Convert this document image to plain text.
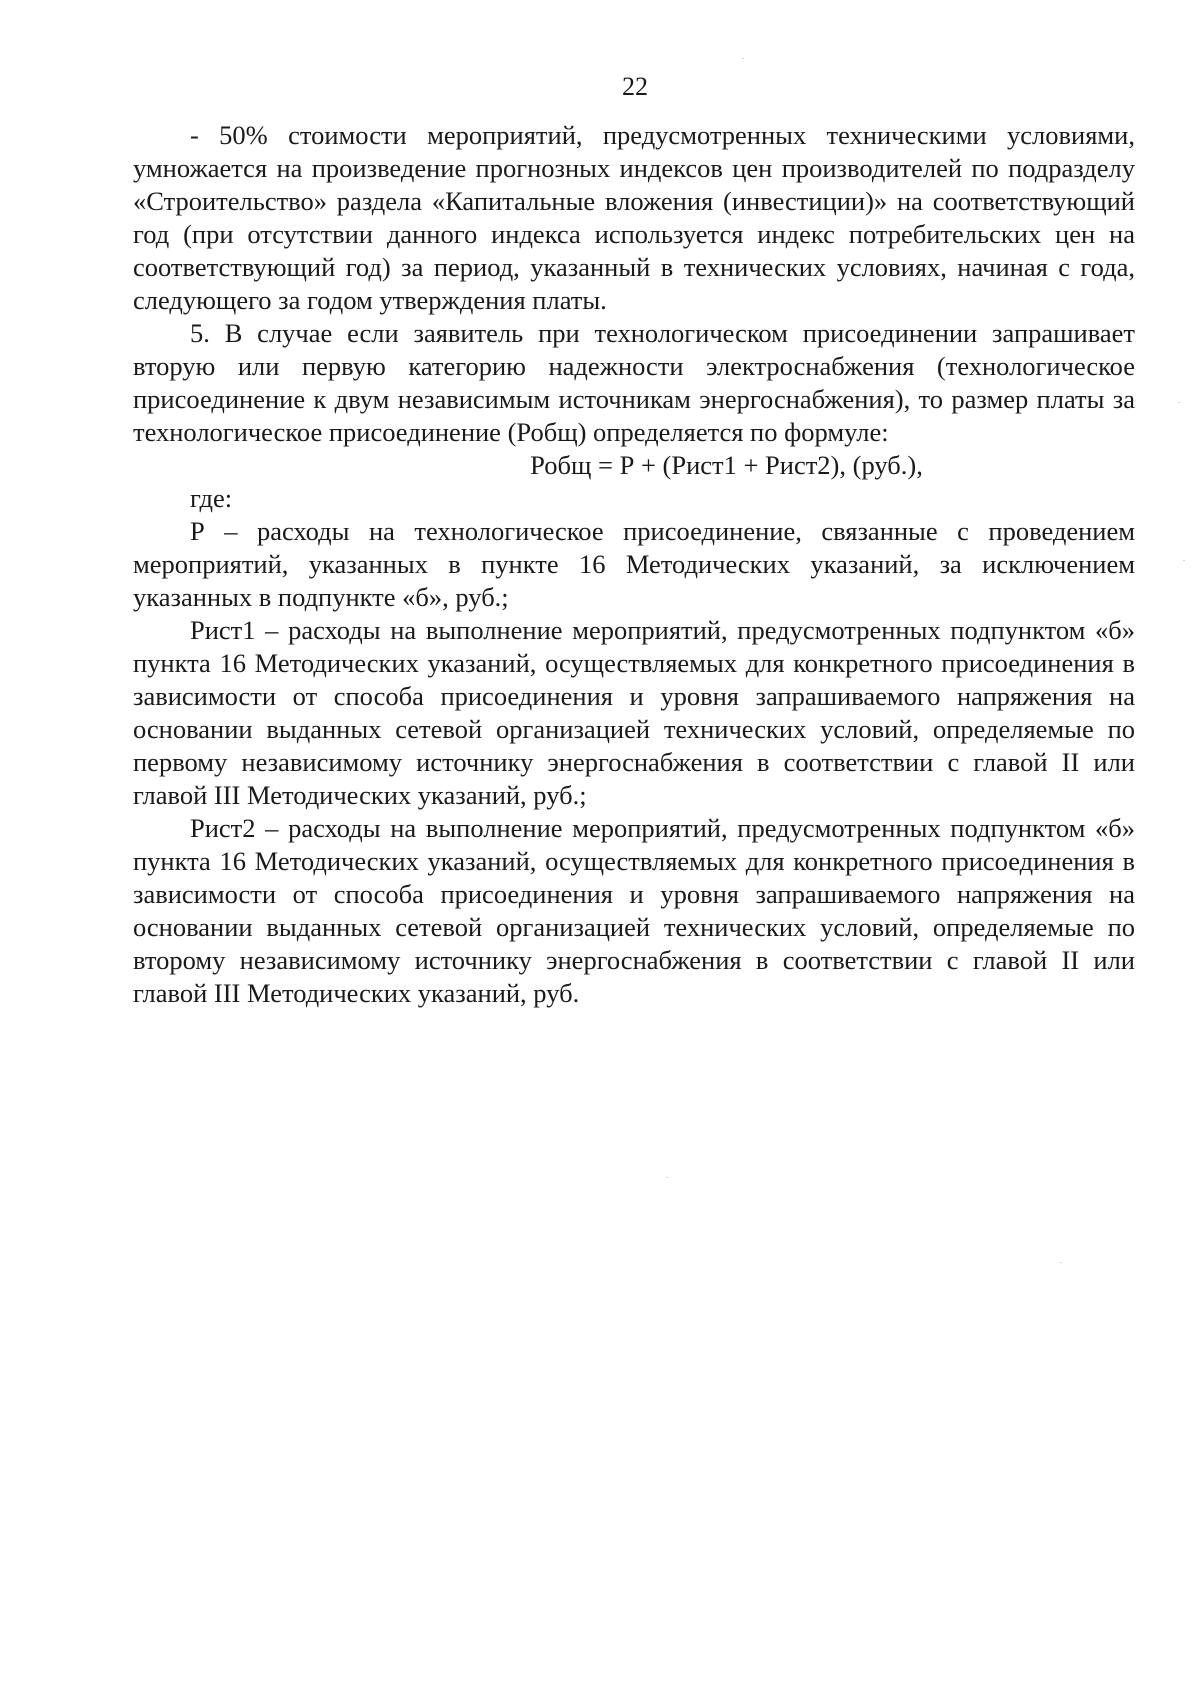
22

- 50% стоимости мероприятий, предусмотренных техническими условиями, умножается на произведение прогнозных индексов цен производителей по подразделу «Строительство» раздела «Капитальные вложения (инвестиции)» на соответствующий год (при отсутствии данного индекса используется индекс потребительских цен на соответствующий год) за период, указанный в технических условиях, начиная с года, следующего за годом утверждения платы.

5. В случае если заявитель при технологическом присоединении запрашивает вторую или первую категорию надежности электроснабжения (технологическое присоединение к двум независимым источникам энергоснабжения), то размер платы за технологическое присоединение (Робщ) определяется по формуле:

Робщ = Р + (Рист1 + Рист2), (руб.),

где:

Р – расходы на технологическое присоединение, связанные с проведением мероприятий, указанных в пункте 16 Методических указаний, за исключением указанных в подпункте «б», руб.;

Рист1 – расходы на выполнение мероприятий, предусмотренных подпунктом «б» пункта 16 Методических указаний, осуществляемых для конкретного присоединения в зависимости от способа присоединения и уровня запрашиваемого напряжения на основании выданных сетевой организацией технических условий, определяемые по первому независимому источнику энергоснабжения в соответствии с главой II или главой III Методических указаний, руб.;

Рист2 – расходы на выполнение мероприятий, предусмотренных подпунктом «б» пункта 16 Методических указаний, осуществляемых для конкретного присоединения в зависимости от способа присоединения и уровня запрашиваемого напряжения на основании выданных сетевой организацией технических условий, определяемые по второму независимому источнику энергоснабжения в соответствии с главой II или главой III Методических указаний, руб.
